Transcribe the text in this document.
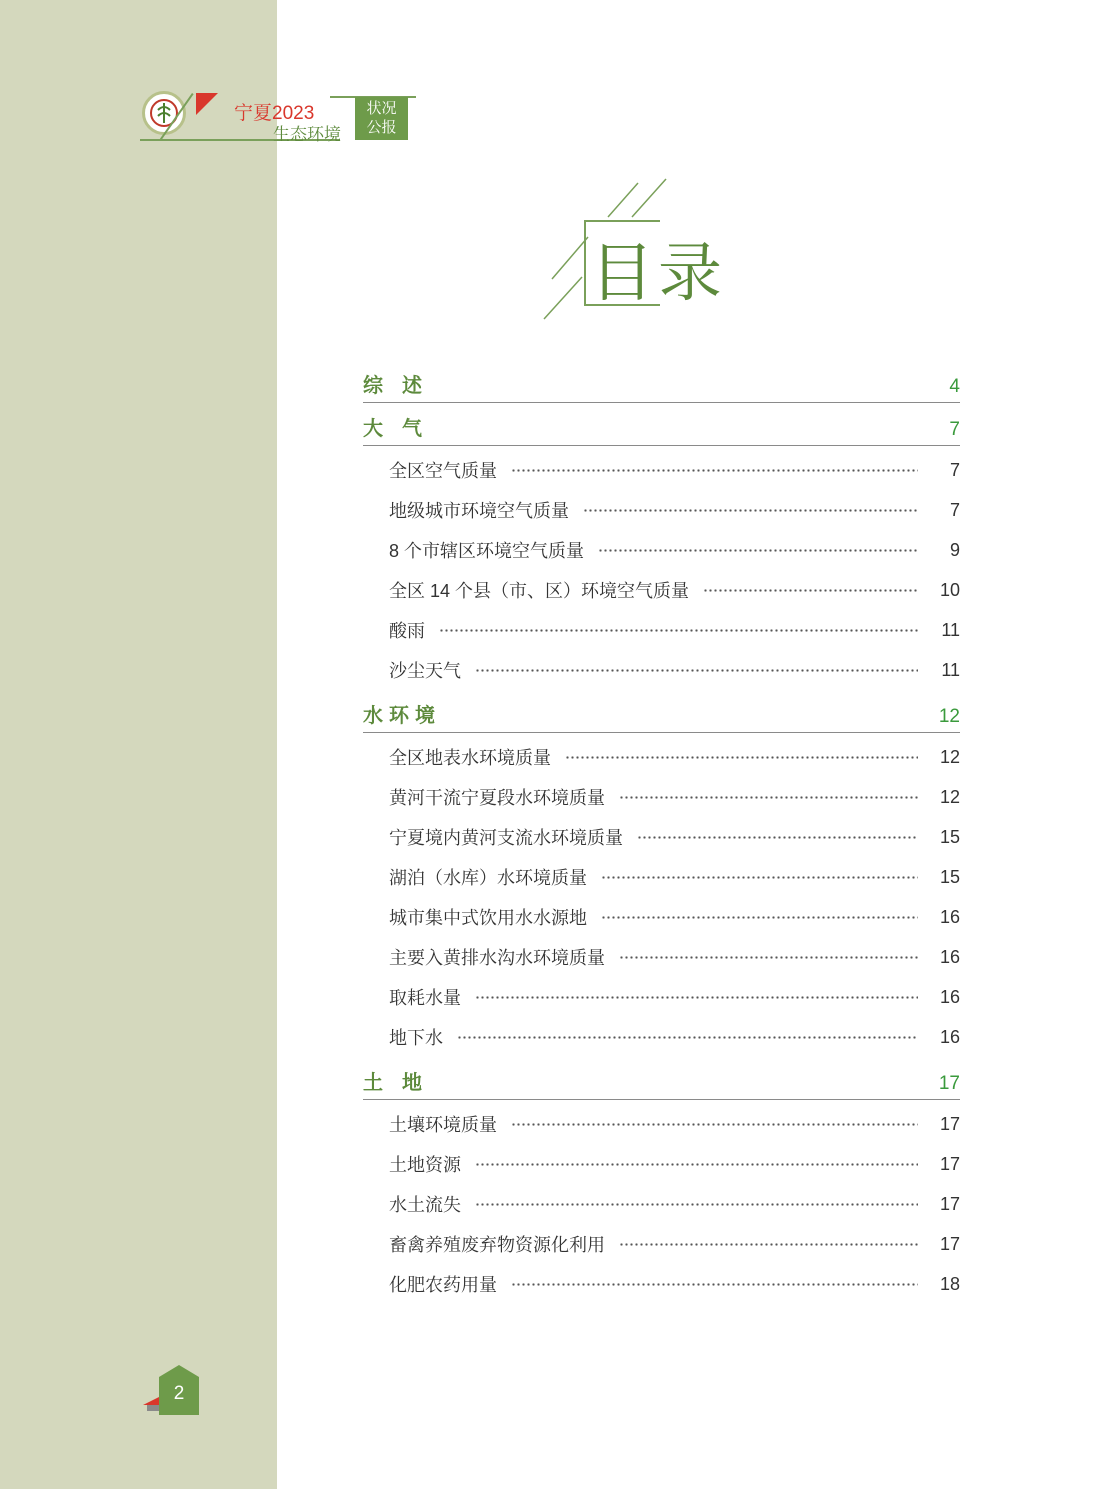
宁夏2023
生态环境
状况
公报
目录
综 述	4
大 气	7
全区空气质量	7
地级城市环境空气质量	7
8 个市辖区环境空气质量	9
全区 14 个县（市、区）环境空气质量	10
酸雨	11
沙尘天气	11
水环境	12
全区地表水环境质量	12
黄河干流宁夏段水环境质量	12
宁夏境内黄河支流水环境质量	15
湖泊（水库）水环境质量	15
城市集中式饮用水水源地	16
主要入黄排水沟水环境质量	16
取耗水量	16
地下水	16
土 地	17
土壤环境质量	17
土地资源	17
水土流失	17
畜禽养殖废弃物资源化利用	17
化肥农药用量	18
2
